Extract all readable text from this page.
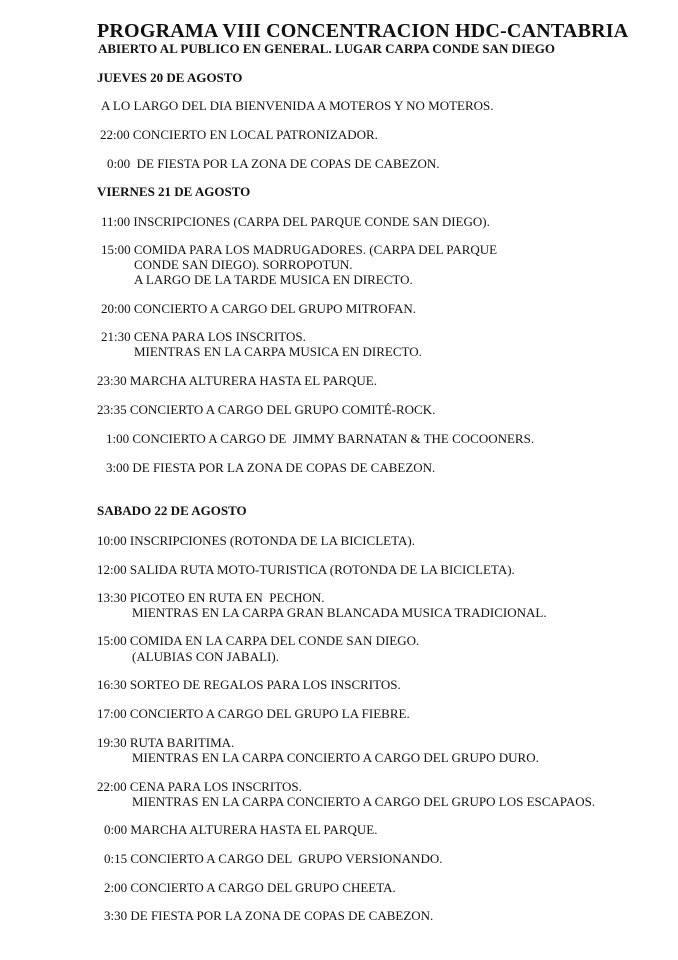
PROGRAMA VIII CONCENTRACION HDC-CANTABRIA
ABIERTO AL PUBLICO EN GENERAL. LUGAR CARPA CONDE SAN DIEGO
JUEVES 20 DE AGOSTO
A LO LARGO DEL DIA BIENVENIDA A MOTEROS Y NO MOTEROS.
22:00 CONCIERTO EN LOCAL PATRONIZADOR.
0:00 DE FIESTA POR LA ZONA DE COPAS DE CABEZON.
VIERNES 21 DE AGOSTO
11:00 INSCRIPCIONES (CARPA DEL PARQUE CONDE SAN DIEGO).
15:00 COMIDA PARA LOS MADRUGADORES. (CARPA DEL PARQUE
CONDE SAN DIEGO). SORROPOTUN.
A LARGO DE LA TARDE MUSICA EN DIRECTO.
20:00 CONCIERTO A CARGO DEL GRUPO MITROFAN.
21:30 CENA PARA LOS INSCRITOS.
MIENTRAS EN LA CARPA MUSICA EN DIRECTO.
23:30 MARCHA ALTURERA HASTA EL PARQUE.
23:35 CONCIERTO A CARGO DEL GRUPO COMITÉ-ROCK.
1:00 CONCIERTO A CARGO DE  JIMMY BARNATAN & THE COCOONERS.
3:00 DE FIESTA POR LA ZONA DE COPAS DE CABEZON.
SABADO 22 DE AGOSTO
10:00 INSCRIPCIONES (ROTONDA DE LA BICICLETA).
12:00 SALIDA RUTA MOTO-TURISTICA (ROTONDA DE LA BICICLETA).
13:30 PICOTEO EN RUTA EN  PECHON.
MIENTRAS EN LA CARPA GRAN BLANCADA MUSICA TRADICIONAL.
15:00 COMIDA EN LA CARPA DEL CONDE SAN DIEGO.
(ALUBIAS CON JABALI).
16:30 SORTEO DE REGALOS PARA LOS INSCRITOS.
17:00 CONCIERTO A CARGO DEL GRUPO LA FIEBRE.
19:30 RUTA BARITIMA.
MIENTRAS EN LA CARPA CONCIERTO A CARGO DEL GRUPO DURO.
22:00 CENA PARA LOS INSCRITOS.
MIENTRAS EN LA CARPA CONCIERTO A CARGO DEL GRUPO LOS ESCAPAOS.
0:00 MARCHA ALTURERA HASTA EL PARQUE.
0:15 CONCIERTO A CARGO DEL  GRUPO VERSIONANDO.
2:00 CONCIERTO A CARGO DEL GRUPO CHEETA.
3:30 DE FIESTA POR LA ZONA DE COPAS DE CABEZON.
